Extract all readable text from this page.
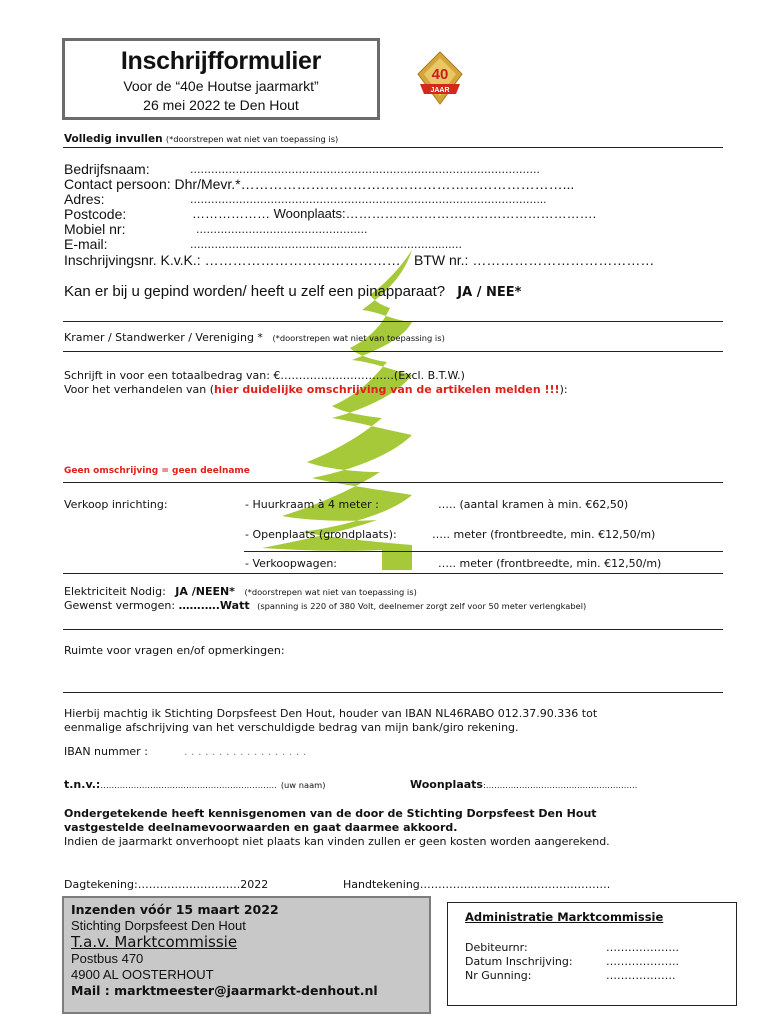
Inschrijfformulier
Voor de “40e Houtse jaarmarkt”
26 mei 2022 te Den Hout
40
JAAR
Volledig invullen (*doorstrepen wat niet van toepassing is)
Bedrijfsnaam:	……………………………………………………………………………………….
Contact persoon: Dhr/Mevr.*……………………………………………………………...
Adres:	………………………………………………………………………………………...
Postcode:	……………… Woonplaats:………………………………………………….
Mobiel nr:	………………………………………….
E-mail:	……………………………………………………………......…
Inschrijvingsnr. K.v.K.: …………………………………… BTW nr.: …………………………………
Kan er bij u gepind worden/ heeft u zelf een pinapparaat? JA / NEE*
Kramer / Standwerker / Vereniging * (*doorstrepen wat niet van toepassing is)
Schrijft in voor een totaalbedrag van: €………………………….(Excl. B.T.W.)
Voor het verhandelen van (hier duidelijke omschrijving van de artikelen melden !!!):
Geen omschrijving = geen deelname
Verkoop inrichting:	- Huurkraam à 4 meter :	….. (aantal kramen à min. €62,50)
- Openplaats (grondplaats):	….. meter (frontbreedte, min. €12,50/m)
- Verkoopwagen:	….. meter (frontbreedte, min. €12,50/m)
Elektriciteit Nodig: JA /NEEN* (*doorstrepen wat niet van toepassing is)
Gewenst vermogen: …….….Watt (spanning is 220 of 380 Volt, deelnemer zorgt zelf voor 50 meter verlengkabel)
Ruimte voor vragen en/of opmerkingen:
Hierbij machtig ik Stichting Dorpsfeest Den Hout, houder van IBAN NL46RABO 012.37.90.336 tot
eenmalige afschrijving van het verschuldigde bedrag van mijn bank/giro rekening.
IBAN nummer :	. . . . . . . . . . . . . . . . . .
t.n.v.:………………………………..…………….………. (uw naam)	Woonplaats:……………………………………..……..…
Ondergetekende heeft kennisgenomen van de door de Stichting Dorpsfeest Den Hout
vastgestelde deelnamevoorwaarden en gaat daarmee akkoord.
Indien de jaarmarkt onverhoopt niet plaats kan vinden zullen er geen kosten worden aangerekend.
Dagtekening:……………………….2022	Handtekening…………………………………………….
Inzenden vóór 15 maart 2022
Stichting Dorpsfeest Den Hout
T.a.v. Marktcommissie
Postbus 470
4900 AL OOSTERHOUT
Mail : marktmeester@jaarmarkt-denhout.nl
Administratie Marktcommissie
Debiteurnr:	………………..
Datum Inschrijving:	………………..
Nr Gunning:	……………….
